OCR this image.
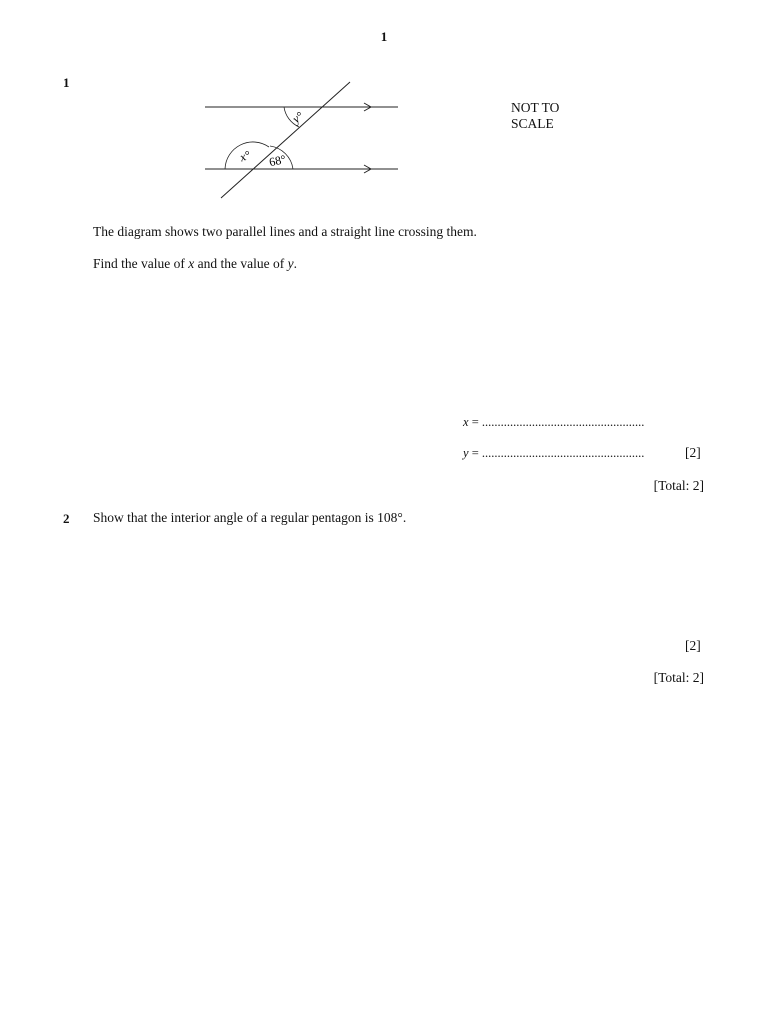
1
1
y°
x° 68°
NOT TO
SCALE
The diagram shows two parallel lines and a straight line crossing them.
Find the value of x and the value of y.
x = ....................................................
y = ....................................................	[2]
[Total: 2]
2 Show that the interior angle of a regular pentagon is 108°.
[2]
[Total: 2]
